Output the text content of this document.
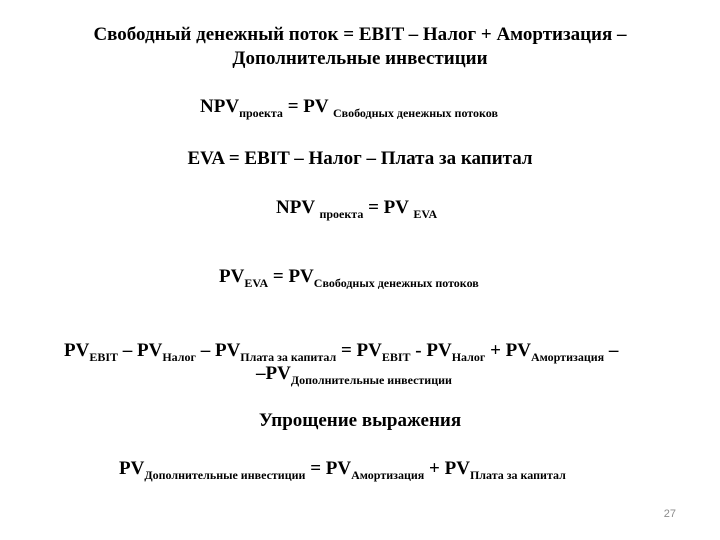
Свободный денежный поток = EBIT – Налог + Амортизация –
Дополнительные инвестиции
$NPV_{проекта}$ = PV $_{Свободных денежных потоков}$
EVA = EBIT – Налог – Плата за капитал
NPV $_{проекта}$ = PV $_{EVA}$
$PV_{EVA} = PV_{Свободных денежных потоков}$
$PV_{EBIT} - PV_{Налог} - PV_{Плата за капитал} = PV_{EBIT} - PV_{Налог} + PV_{Амортизация}$ –
$-PV_{Дополнительные инвестиции}$
Упрощение выражения
$PV_{Дополнительные инвестиции} = PV_{Амортизация} + PV_{Плата за капитал}$
27
